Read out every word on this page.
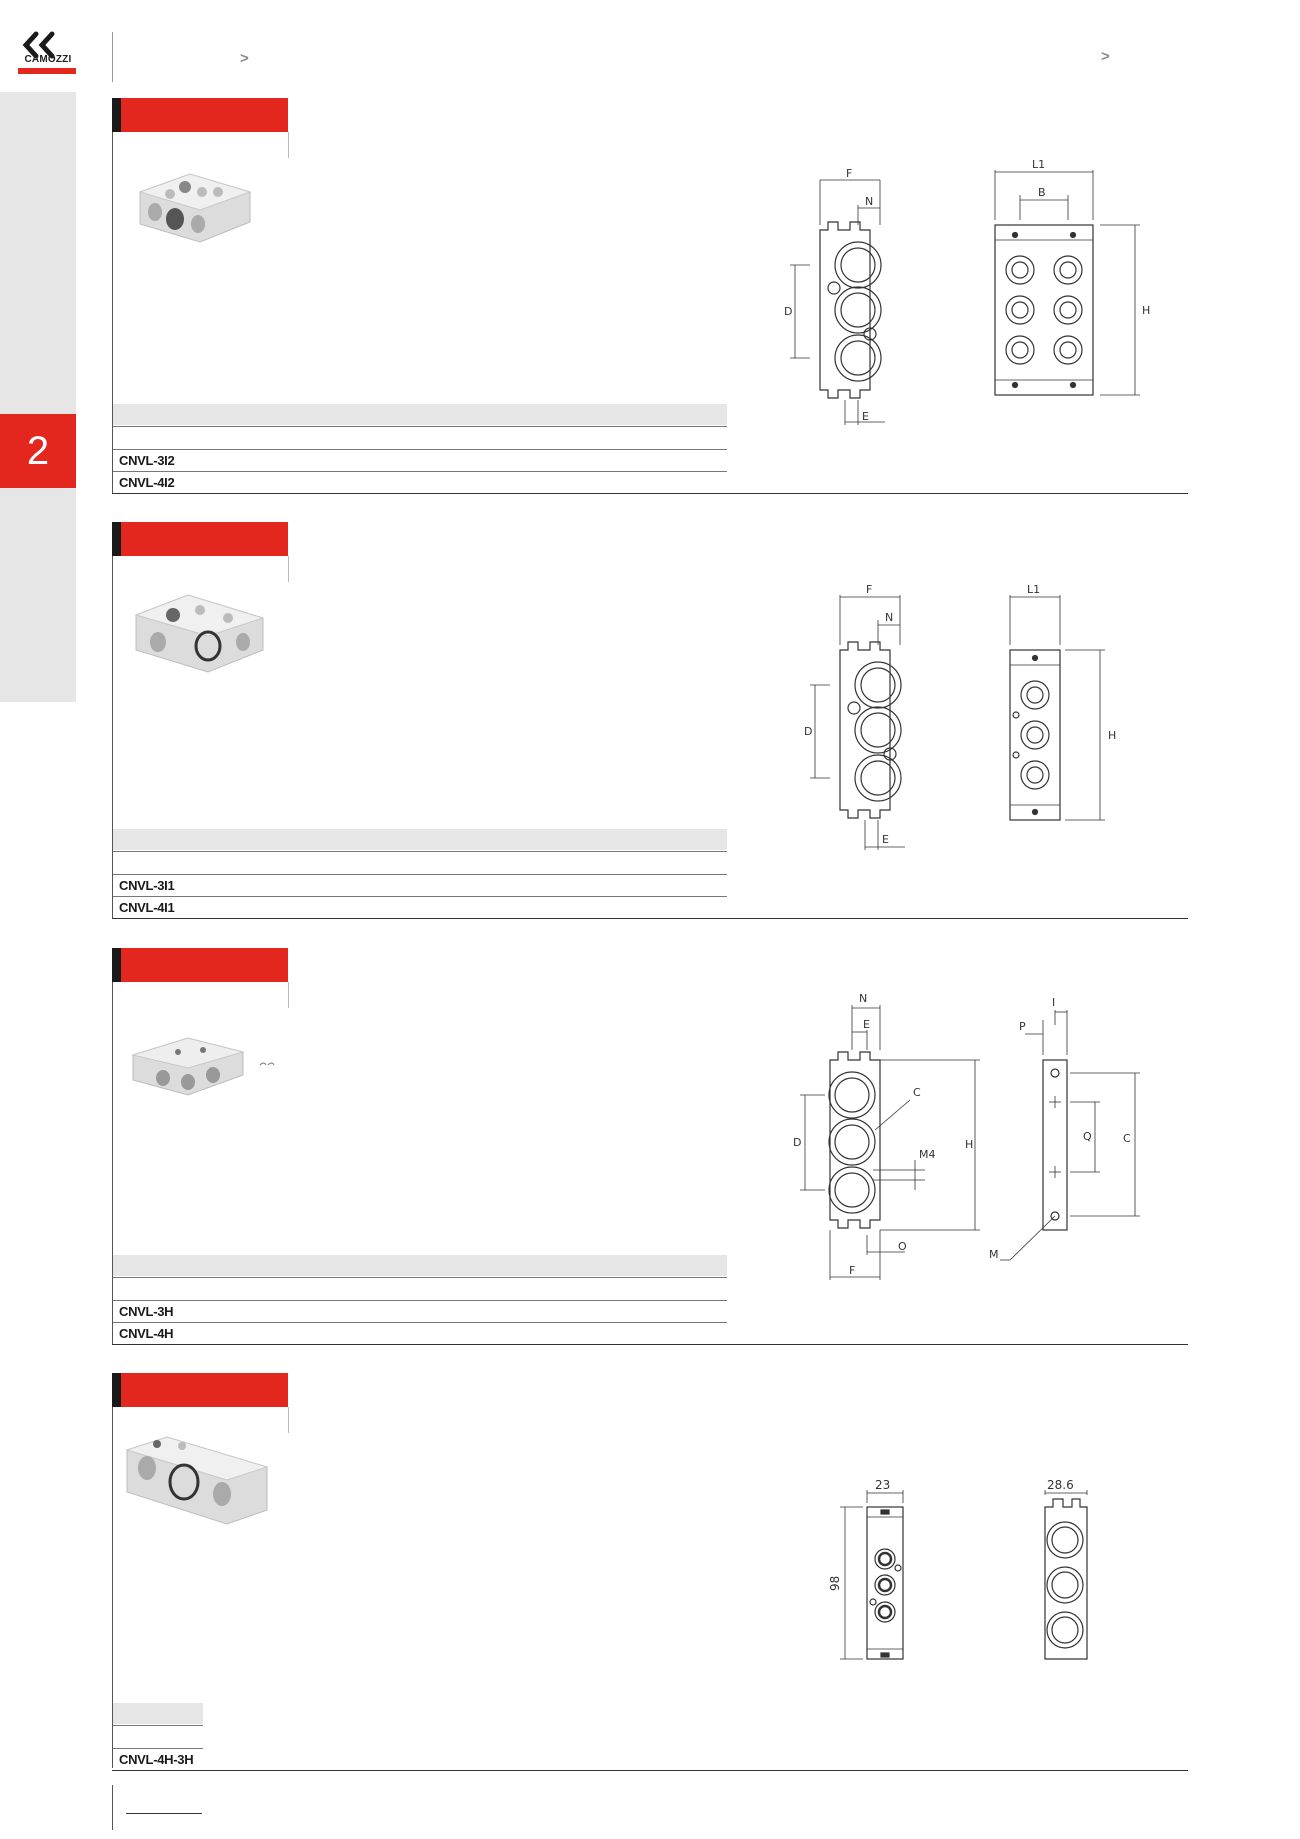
CAMOZZI	>	>
2	CNVL-3I2
CNVL-4I2
F
N
D
E
L1
B
H
CNVL-3I1
CNVL-4I1
F
N
D
E
L1
H
CNVL-3H
CNVL-4H
N
E
C
D
M4
H
O
F
I
P
Q	C
M
CNVL-4H-3H
23	28.6
98
